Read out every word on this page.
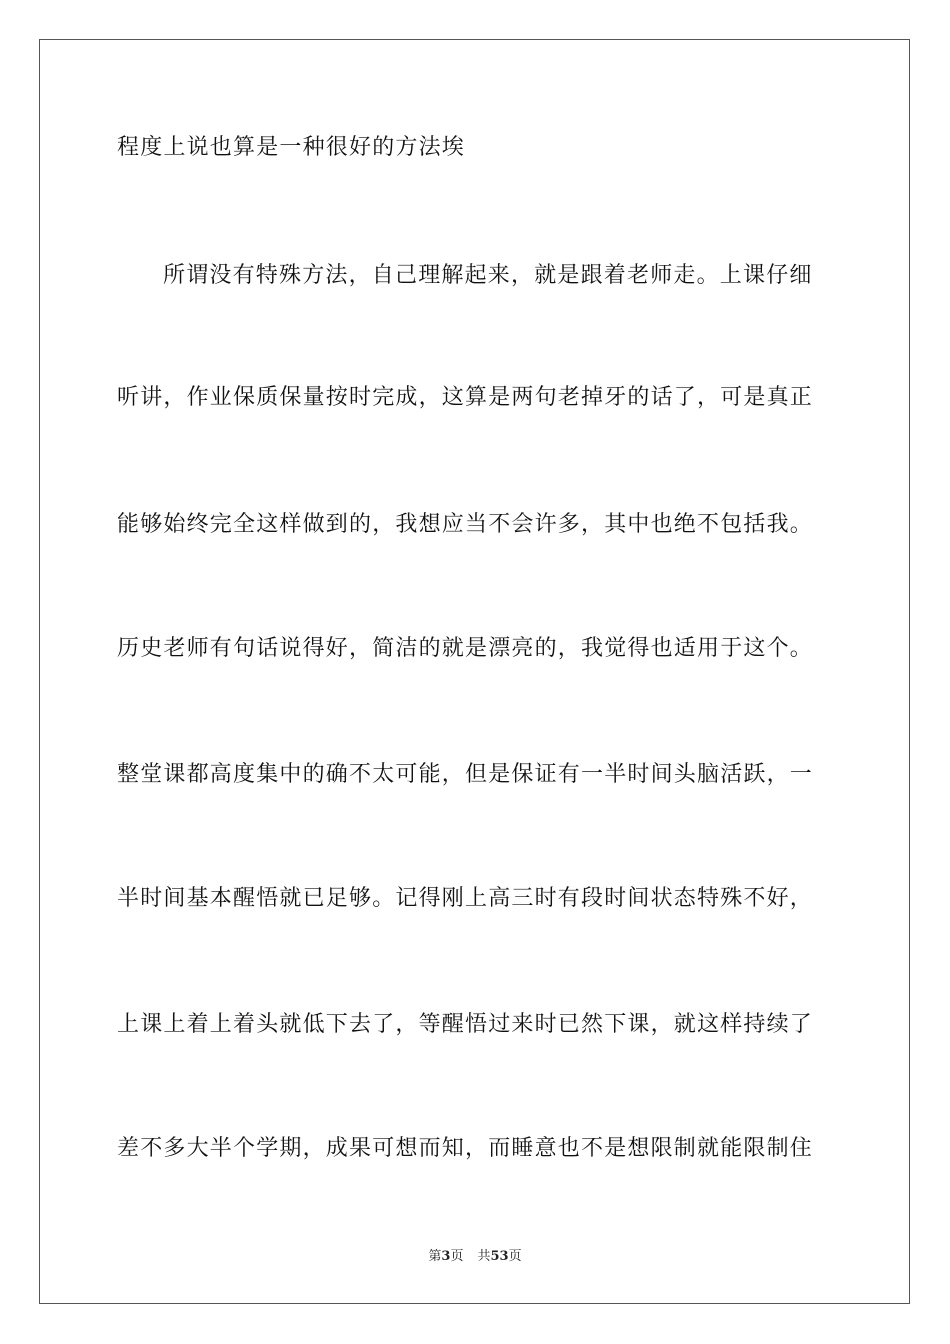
程度上说也算是一种很好的方法埃
所谓没有特殊方法，自己理解起来，就是跟着老师走。上课仔细
听讲，作业保质保量按时完成，这算是两句老掉牙的话了，可是真正
能够始终完全这样做到的，我想应当不会许多，其中也绝不包括我。
历史老师有句话说得好，简洁的就是漂亮的，我觉得也适用于这个。
整堂课都高度集中的确不太可能，但是保证有一半时间头脑活跃，一
半时间基本醒悟就已足够。记得刚上高三时有段时间状态特殊不好，
上课上着上着头就低下去了，等醒悟过来时已然下课，就这样持续了
差不多大半个学期，成果可想而知，而睡意也不是想限制就能限制住
第3页 共53页
